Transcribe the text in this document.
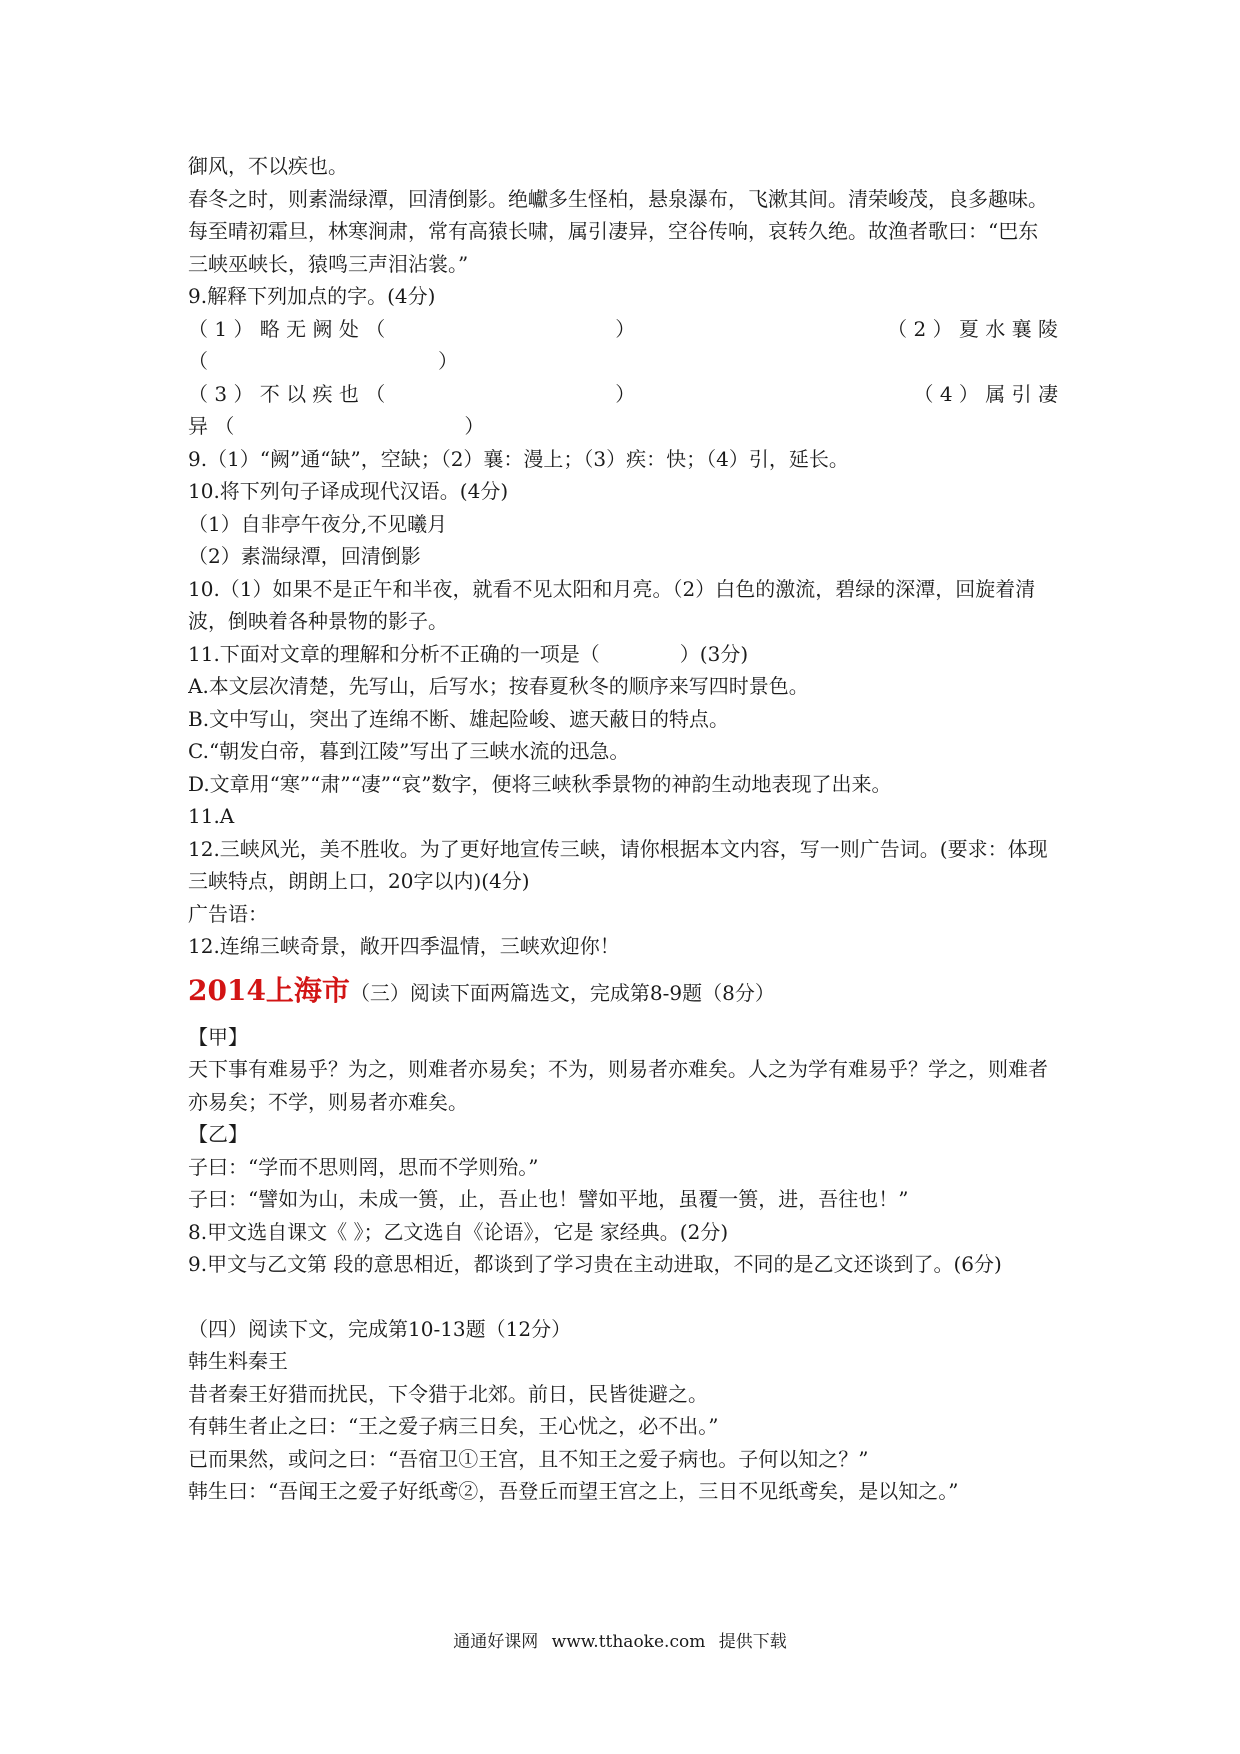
御风，不以疾也。
春冬之时，则素湍绿潭，回清倒影。绝巘多生怪柏，悬泉瀑布，飞漱其间。清荣峻茂，良多趣味。
每至晴初霜旦，林寒涧肃，常有高猿长啸，属引凄异，空谷传响，哀转久绝。故渔者歌曰：“巴东三峡巫峡长，猿鸣三声泪沾裳。”
9.解释下列加点的字。(4分)
（ 1 ） 略 无 阙 处 （	）	（ 2 ） 夏 水 襄 陵
（	）
（ 3 ） 不 以 疾 也 （	）	（ 4 ） 属 引 凄
异 （	）
9.（1）“阙”通“缺”，空缺；（2）襄：漫上；（3）疾：快；（4）引，延长。
10.将下列句子译成现代汉语。(4分)
（1）自非亭午夜分,不见曦月
（2）素湍绿潭，回清倒影
10.（1）如果不是正午和半夜，就看不见太阳和月亮。（2）白色的激流，碧绿的深潭，回旋着清波，倒映着各种景物的影子。
11.下面对文章的理解和分析不正确的一项是（　　　　）(3分)
A.本文层次清楚，先写山，后写水；按春夏秋冬的顺序来写四时景色。
B.文中写山，突出了连绵不断、雄起险峻、遮天蔽日的特点。
C.“朝发白帝，暮到江陵”写出了三峡水流的迅急。
D.文章用“寒”“肃”“凄”“哀”数字，便将三峡秋季景物的神韵生动地表现了出来。
11.A
12.三峡风光，美不胜收。为了更好地宣传三峡，请你根据本文内容，写一则广告词。(要求：体现三峡特点，朗朗上口，20字以内)(4分)
广告语：
12.连绵三峡奇景，敞开四季温情，三峡欢迎你！
2014上海市（三）阅读下面两篇选文，完成第8-9题（8分）
【甲】
天下事有难易乎？为之，则难者亦易矣；不为，则易者亦难矣。人之为学有难易乎？学之，则难者亦易矣；不学，则易者亦难矣。
【乙】
子曰：“学而不思则罔，思而不学则殆。”
子曰：“譬如为山，未成一篑，止，吾止也！譬如平地，虽覆一篑，进，吾往也！”
8.甲文选自课文《 》；乙文选自《论语》，它是 家经典。(2分)
9.甲文与乙文第 段的意思相近，都谈到了学习贵在主动进取，不同的是乙文还谈到了。(6分)
（四）阅读下文，完成第10-13题（12分）
韩生料秦王
昔者秦王好猎而扰民，下令猎于北郊。前日，民皆徙避之。
有韩生者止之曰：“王之爱子病三日矣，王心忧之，必不出。”
已而果然，或问之曰：“吾宿卫①王宫，且不知王之爱子病也。子何以知之？”
韩生曰：“吾闻王之爱子好纸鸢②，吾登丘而望王宫之上，三日不见纸鸢矣，是以知之。”
通通好课网 www.tthaoke.com 提供下载
